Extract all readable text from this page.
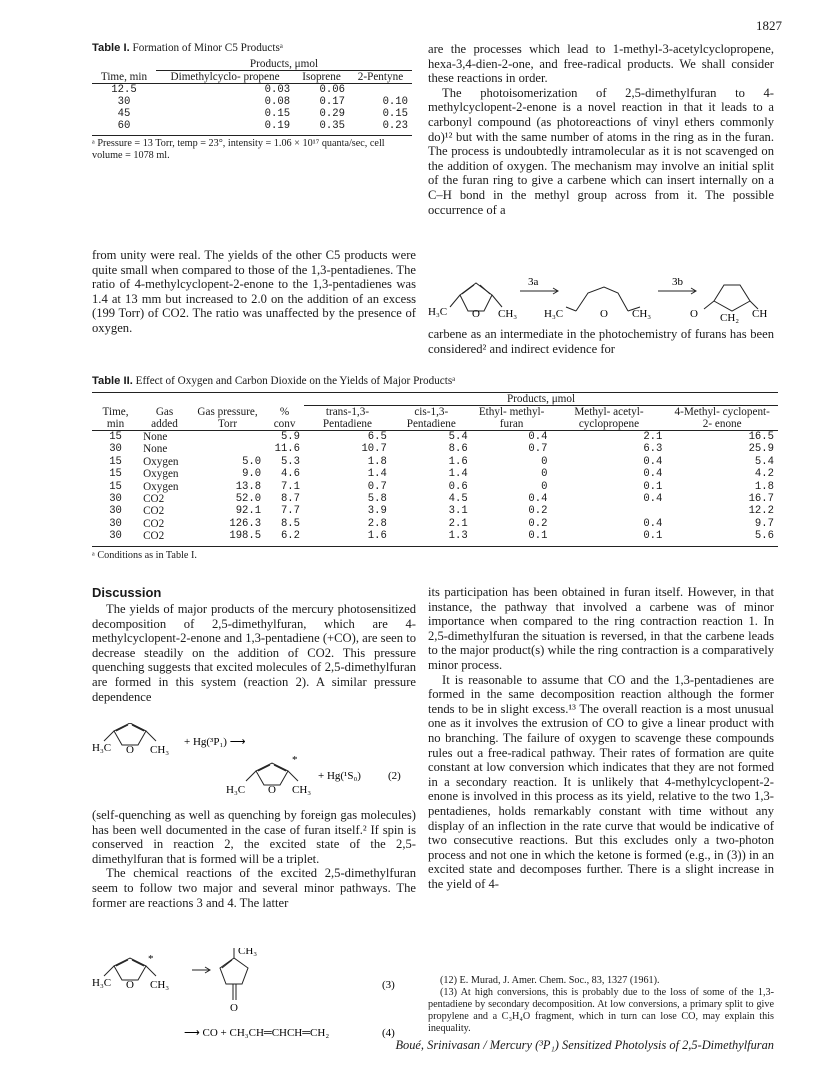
1827
Table I. Formation of Minor C5 Productsᵃ
	Products, μmol		
Time, min	Dimethylcyclo- propene	Isoprene	2-Pentyne
12.5	0.03	0.06	
30	0.08	0.17	0.10
45	0.15	0.29	0.15
60	0.19	0.35	0.23
ᵃ Pressure = 13 Torr, temp = 23°, intensity = 1.06 × 10¹⁷ quanta/sec, cell volume = 1078 ml.

from unity were real. The yields of the other C5 products were quite small when compared to those of the 1,3-pentadienes. The ratio of 4-methylcyclopent-2-enone to the 1,3-pentadienes was 1.4 at 13 mm but increased to 2.0 on the addition of an excess (199 Torr) of CO2. The ratio was unaffected by the presence of oxygen.

are the processes which lead to 1-methyl-3-acetylcyclopropene, hexa-3,4-dien-2-one, and free-radical products. We shall consider these reactions in order.

The photoisomerization of 2,5-dimethylfuran to 4-methylcyclopent-2-enone is a novel reaction in that it leads to a carbonyl compound (as photoreactions of vinyl ethers commonly do)¹² but with the same number of atoms in the ring as in the furan. The process is undoubtedly intramolecular as it is not scavenged on the addition of oxygen. The mechanism may involve an initial split of the furan ring to give a carbene which can insert internally on a C–H bond in the methyl group across from it. The possible occurrence of a

H₃C O CH₃
3a
H₃C	O CH₃
3b
O CH₂ CH

carbene as an intermediate in the photochemistry of furans has been considered² and indirect evidence for

Table II. Effect of Oxygen and Carbon Dioxide on the Yields of Major Productsᵃ
				Products, μmol				
Time, min	Gas added	Gas pressure, Torr	% conv	trans-1,3- Pentadiene	cis-1,3- Pentadiene	Ethyl- methyl- furan	Methyl- acetyl- cyclopropene	4-Methyl- cyclopent-2- enone
15	None		5.9	6.5	5.4	0.4	2.1	16.5
30	None		11.6	10.7	8.6	0.7	6.3	25.9
15	Oxygen	5.0	5.3	1.8	1.6	0	0.4	5.4
15	Oxygen	9.0	4.6	1.4	1.4	0	0.4	4.2
15	Oxygen	13.8	7.1	0.7	0.6	0	0.1	1.8
30	CO2	52.0	8.7	5.8	4.5	0.4	0.4	16.7
30	CO2	92.1	7.7	3.9	3.1	0.2		12.2
30	CO2	126.3	8.5	2.8	2.1	0.2	0.4	9.7
30	CO2	198.5	6.2	1.6	1.3	0.1	0.1	5.6
ᵃ Conditions as in Table I.
Discussion

The yields of major products of the mercury photosensitized decomposition of 2,5-dimethylfuran, which are 4-methylcyclopent-2-enone and 1,3-pentadiene (+CO), are seen to decrease steadily on the addition of CO2. This pressure quenching suggests that excited molecules of 2,5-dimethylfuran are formed in this system (reaction 2). A similar pressure dependence

H₃C O CH₃
+ Hg(³P₁) ⟶
H₃C O CH₃
*
+ Hg(¹S₀) (2)

(self-quenching as well as quenching by foreign gas molecules) has been well documented in the case of furan itself.² If spin is conserved in reaction 2, the excited state of the 2,5-dimethylfuran that is formed will be a triplet.

The chemical reactions of the excited 2,5-dimethylfuran seem to follow two major and several minor pathways. The former are reactions 3 and 4. The latter

H₃C O CH₃
*
CH₃
O
(3)
⟶ CO + CH₃CH═CHCH═CH₂	(4)

its participation has been obtained in furan itself. However, in that instance, the pathway that involved a carbene was of minor importance when compared to the ring contraction reaction 1. In 2,5-dimethylfuran the situation is reversed, in that the carbene leads to the major product(s) while the ring contraction is a comparatively minor process.

It is reasonable to assume that CO and the 1,3-pentadienes are formed in the same decomposition reaction although the former tends to be in slight excess.¹³ The overall reaction is a most unusual one as it involves the extrusion of CO to give a linear product with no branching. The failure of oxygen to scavenge these compounds rules out a free-radical pathway. Their rates of formation are quite constant at low conversion which indicates that they are not formed in a secondary reaction. It is unlikely that 4-methylcyclopent-2-enone is involved in this process as its yield, relative to the two 1,3-pentadienes, holds remarkably constant with time without any display of an inflection in the rate curve that would be indicative of two consecutive reactions. But this excludes only a two-photon process and not one in which the ketone is formed (e.g., in (3)) in an excited state and decomposes further. There is a slight increase in the yield of 4-

(12) E. Murad, J. Amer. Chem. Soc., 83, 1327 (1961).
(13) At high conversions, this is probably due to the loss of some of the 1,3-pentadiene by secondary decomposition. At low conversions, a primary split to give propylene and a C₃H₄O fragment, which in turn can lose CO, may explain this inequality.
Boué, Srinivasan / Mercury (³P₁) Sensitized Photolysis of 2,5-Dimethylfuran
